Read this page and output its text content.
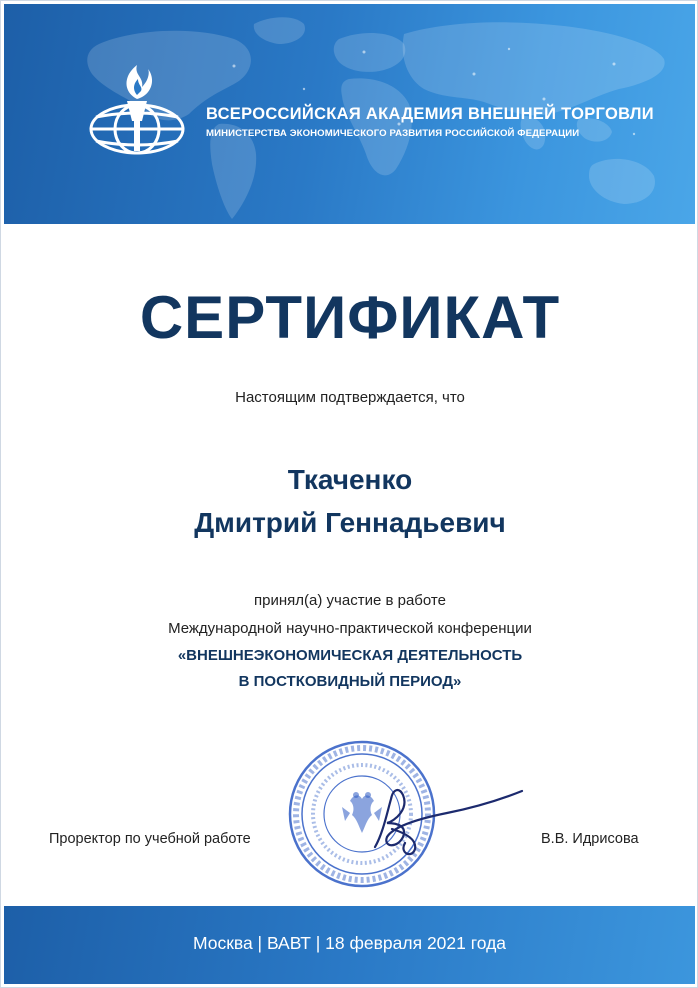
ВСЕРОССИЙСКАЯ АКАДЕМИЯ ВНЕШНЕЙ ТОРГОВЛИ
МИНИСТЕРСТВА ЭКОНОМИЧЕСКОГО РАЗВИТИЯ РОССИЙСКОЙ ФЕДЕРАЦИИ
СЕРТИФИКАТ
Настоящим подтверждается, что
Ткаченко
Дмитрий Геннадьевич
принял(а) участие в работе
Международной научно-практической конференции
«ВНЕШНЕЭКОНОМИЧЕСКАЯ ДЕЯТЕЛЬНОСТЬ
В ПОСТКОВИДНЫЙ ПЕРИОД»
Проректор по учебной работе	В.В. Идрисова
Москва | ВАВТ | 18 февраля 2021 года
